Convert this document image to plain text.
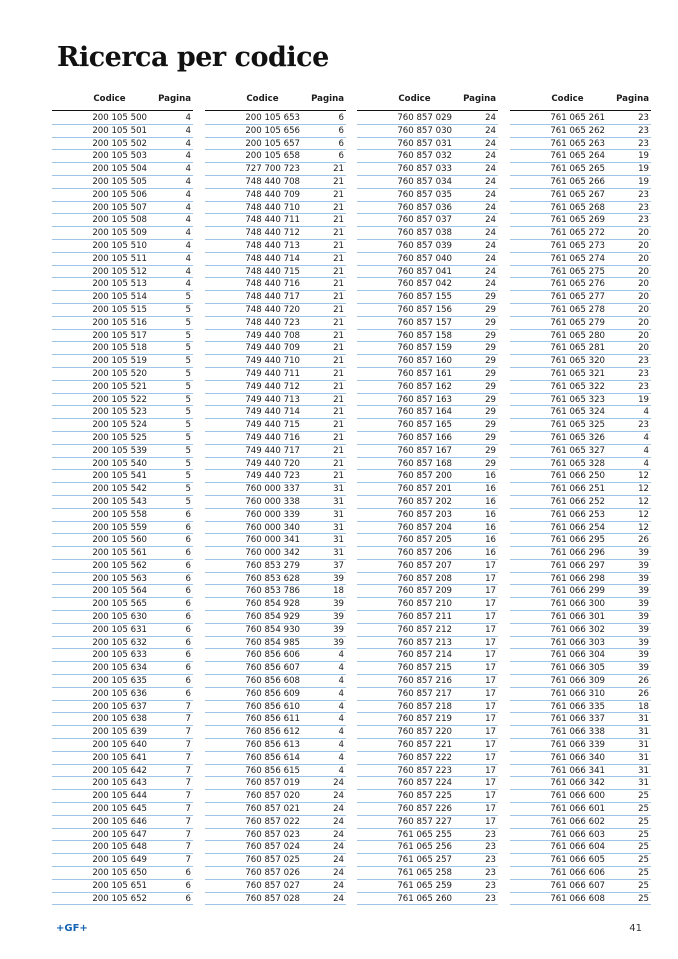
Ricerca per codice
Codice	Pagina
200 105 500	4
200 105 501	4
200 105 502	4
200 105 503	4
200 105 504	4
200 105 505	4
200 105 506	4
200 105 507	4
200 105 508	4
200 105 509	4
200 105 510	4
200 105 511	4
200 105 512	4
200 105 513	4
200 105 514	5
200 105 515	5
200 105 516	5
200 105 517	5
200 105 518	5
200 105 519	5
200 105 520	5
200 105 521	5
200 105 522	5
200 105 523	5
200 105 524	5
200 105 525	5
200 105 539	5
200 105 540	5
200 105 541	5
200 105 542	5
200 105 543	5
200 105 558	6
200 105 559	6
200 105 560	6
200 105 561	6
200 105 562	6
200 105 563	6
200 105 564	6
200 105 565	6
200 105 630	6
200 105 631	6
200 105 632	6
200 105 633	6
200 105 634	6
200 105 635	6
200 105 636	6
200 105 637	7
200 105 638	7
200 105 639	7
200 105 640	7
200 105 641	7
200 105 642	7
200 105 643	7
200 105 644	7
200 105 645	7
200 105 646	7
200 105 647	7
200 105 648	7
200 105 649	7
200 105 650	6
200 105 651	6
200 105 652	6
Codice	Pagina
200 105 653	6
200 105 656	6
200 105 657	6
200 105 658	6
727 700 723	21
748 440 708	21
748 440 709	21
748 440 710	21
748 440 711	21
748 440 712	21
748 440 713	21
748 440 714	21
748 440 715	21
748 440 716	21
748 440 717	21
748 440 720	21
748 440 723	21
749 440 708	21
749 440 709	21
749 440 710	21
749 440 711	21
749 440 712	21
749 440 713	21
749 440 714	21
749 440 715	21
749 440 716	21
749 440 717	21
749 440 720	21
749 440 723	21
760 000 337	31
760 000 338	31
760 000 339	31
760 000 340	31
760 000 341	31
760 000 342	31
760 853 279	37
760 853 628	39
760 853 786	18
760 854 928	39
760 854 929	39
760 854 930	39
760 854 985	39
760 856 606	4
760 856 607	4
760 856 608	4
760 856 609	4
760 856 610	4
760 856 611	4
760 856 612	4
760 856 613	4
760 856 614	4
760 856 615	4
760 857 019	24
760 857 020	24
760 857 021	24
760 857 022	24
760 857 023	24
760 857 024	24
760 857 025	24
760 857 026	24
760 857 027	24
760 857 028	24
Codice	Pagina
760 857 029	24
760 857 030	24
760 857 031	24
760 857 032	24
760 857 033	24
760 857 034	24
760 857 035	24
760 857 036	24
760 857 037	24
760 857 038	24
760 857 039	24
760 857 040	24
760 857 041	24
760 857 042	24
760 857 155	29
760 857 156	29
760 857 157	29
760 857 158	29
760 857 159	29
760 857 160	29
760 857 161	29
760 857 162	29
760 857 163	29
760 857 164	29
760 857 165	29
760 857 166	29
760 857 167	29
760 857 168	29
760 857 200	16
760 857 201	16
760 857 202	16
760 857 203	16
760 857 204	16
760 857 205	16
760 857 206	16
760 857 207	17
760 857 208	17
760 857 209	17
760 857 210	17
760 857 211	17
760 857 212	17
760 857 213	17
760 857 214	17
760 857 215	17
760 857 216	17
760 857 217	17
760 857 218	17
760 857 219	17
760 857 220	17
760 857 221	17
760 857 222	17
760 857 223	17
760 857 224	17
760 857 225	17
760 857 226	17
760 857 227	17
761 065 255	23
761 065 256	23
761 065 257	23
761 065 258	23
761 065 259	23
761 065 260	23
Codice	Pagina
761 065 261	23
761 065 262	23
761 065 263	23
761 065 264	19
761 065 265	19
761 065 266	19
761 065 267	23
761 065 268	23
761 065 269	23
761 065 272	20
761 065 273	20
761 065 274	20
761 065 275	20
761 065 276	20
761 065 277	20
761 065 278	20
761 065 279	20
761 065 280	20
761 065 281	20
761 065 320	23
761 065 321	23
761 065 322	23
761 065 323	19
761 065 324	4
761 065 325	23
761 065 326	4
761 065 327	4
761 065 328	4
761 066 250	12
761 066 251	12
761 066 252	12
761 066 253	12
761 066 254	12
761 066 295	26
761 066 296	39
761 066 297	39
761 066 298	39
761 066 299	39
761 066 300	39
761 066 301	39
761 066 302	39
761 066 303	39
761 066 304	39
761 066 305	39
761 066 309	26
761 066 310	26
761 066 335	18
761 066 337	31
761 066 338	31
761 066 339	31
761 066 340	31
761 066 341	31
761 066 342	31
761 066 600	25
761 066 601	25
761 066 602	25
761 066 603	25
761 066 604	25
761 066 605	25
761 066 606	25
761 066 607	25
761 066 608	25
+GF+	41
